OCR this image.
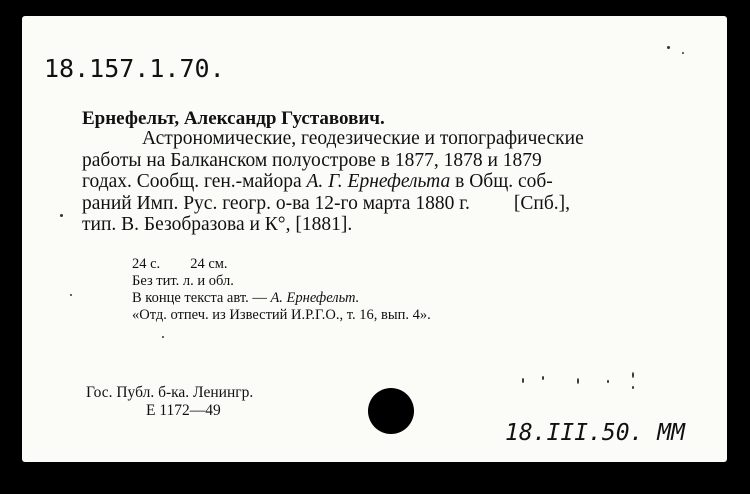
18.157.1.70.
Ернефельт, Александр Густавович.
Астрономические, геодезические и топографические
работы на Балканском полуострове в 1877, 1878 и 1879
годах. Сообщ. ген.-майора А. Г. Ернефельта в Общ. соб-
раний Имп. Рус. геогр. о-ва 12-го марта 1880 г. [Спб.],
тип. В. Безобразова и К°, [1881].
24 с. 24 см.
Без тит. л. и обл.
В конце текста авт. — А. Ернефельт.
«Отд. отпеч. из Известий И.Р.Г.О., т. 16, вып. 4».
Гос. Публ. б-ка. Ленингр.
Е 1172—49
18.III.50. ММ
